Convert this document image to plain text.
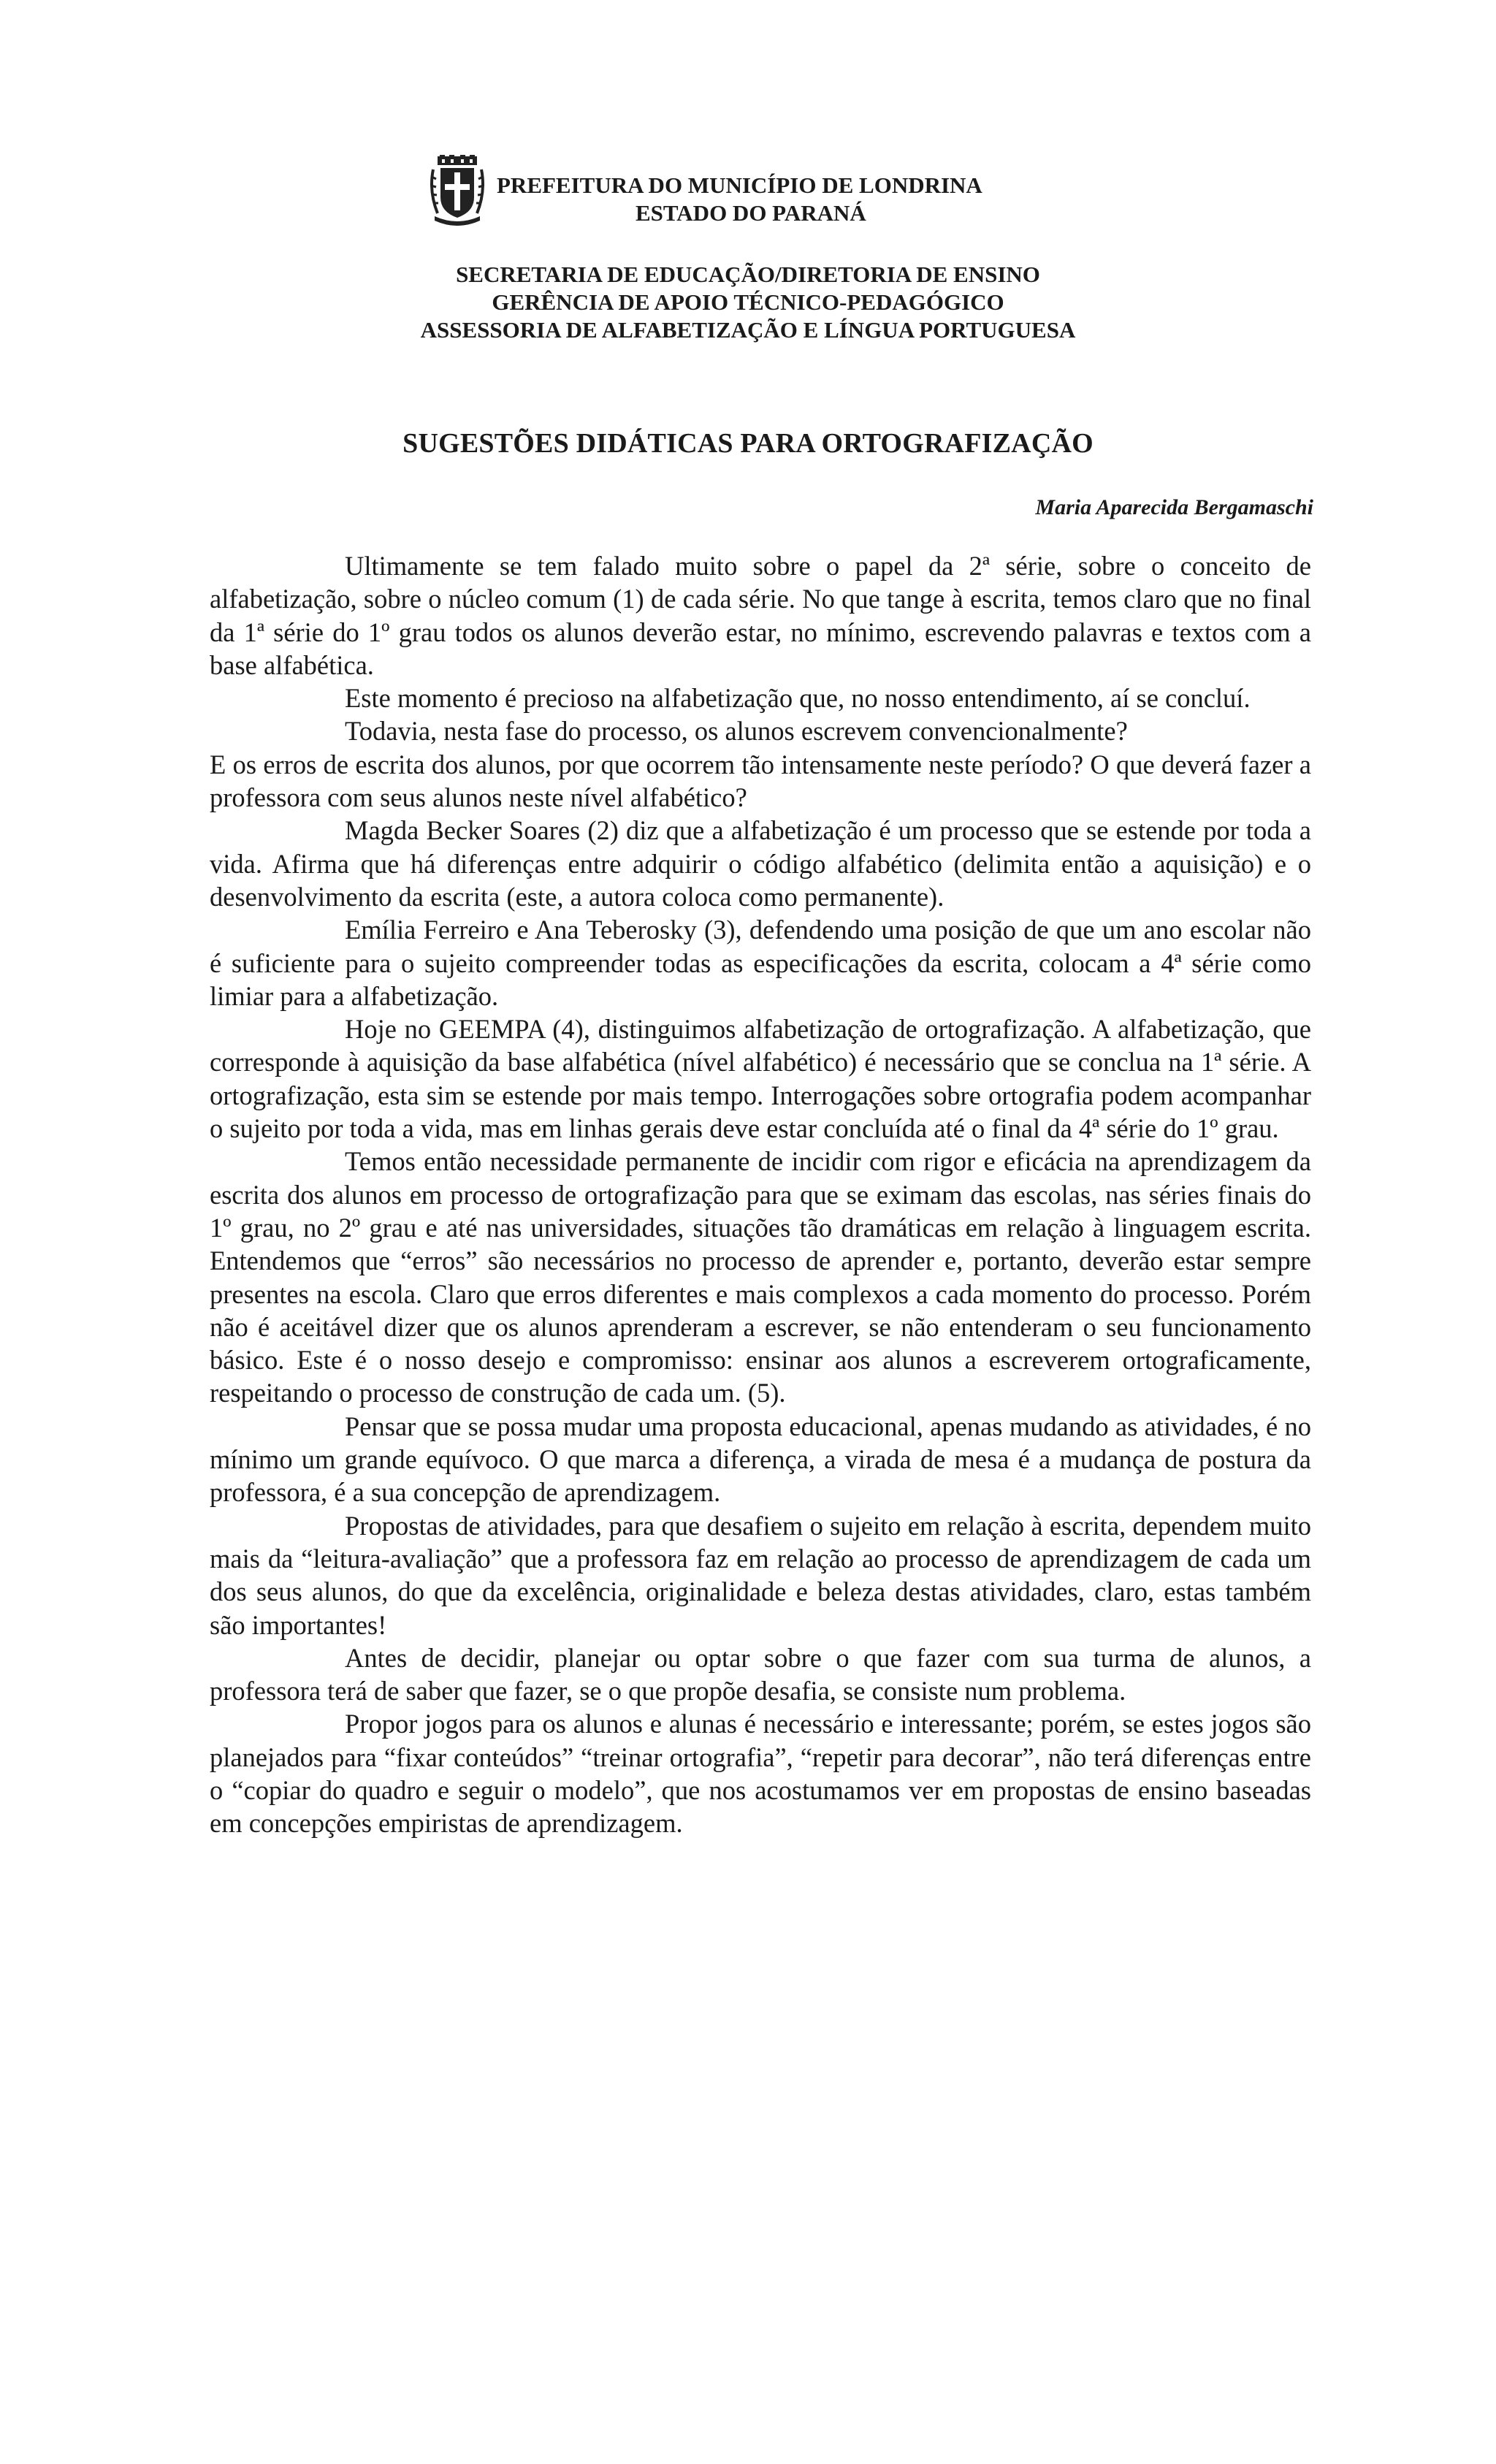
PREFEITURA DO MUNICÍPIO DE LONDRINA
ESTADO DO PARANÁ
SECRETARIA DE EDUCAÇÃO/DIRETORIA DE ENSINO
GERÊNCIA DE APOIO TÉCNICO-PEDAGÓGICO
ASSESSORIA DE ALFABETIZAÇÃO E LÍNGUA PORTUGUESA
SUGESTÕES DIDÁTICAS PARA ORTOGRAFIZAÇÃO
Maria Aparecida Bergamaschi

Ultimamente se tem falado muito sobre o papel da 2ª série, sobre o conceito de alfabetização, sobre o núcleo comum (1) de cada série. No que tange à escrita, temos claro que no final da 1ª série do 1º grau todos os alunos deverão estar, no mínimo, escrevendo palavras e textos com a base alfabética.

Este momento é precioso na alfabetização que, no nosso entendimento, aí se concluí.

Todavia, nesta fase do processo, os alunos escrevem convencionalmente?

E os erros de escrita dos alunos, por que ocorrem tão intensamente neste período? O que deverá fazer a professora com seus alunos neste nível alfabético?

Magda Becker Soares (2) diz que a alfabetização é um processo que se estende por toda a vida. Afirma que há diferenças entre adquirir o código alfabético (delimita então a aquisição) e o desenvolvimento da escrita (este, a autora coloca como permanente).

Emília Ferreiro e Ana Teberosky (3), defendendo uma posição de que um ano escolar não é suficiente para o sujeito compreender todas as especificações da escrita, colocam a 4ª série como limiar para a alfabetização.

Hoje no GEEMPA (4), distinguimos alfabetização de ortografização. A alfabetização, que corresponde à aquisição da base alfabética (nível alfabético) é necessário que se conclua na 1ª série. A ortografização, esta sim se estende por mais tempo. Interrogações sobre ortografia podem acompanhar o sujeito por toda a vida, mas em linhas gerais deve estar concluída até o final da 4ª série do 1º grau.

Temos então necessidade permanente de incidir com rigor e eficácia na aprendizagem da escrita dos alunos em processo de ortografização para que se eximam das escolas, nas séries finais do 1º grau, no 2º grau e até nas universidades, situações tão dramáticas em relação à linguagem escrita. Entendemos que “erros” são necessários no processo de aprender e, portanto, deverão estar sempre presentes na escola. Claro que erros diferentes e mais complexos a cada momento do processo. Porém não é aceitável dizer que os alunos aprenderam a escrever, se não entenderam o seu funcionamento básico. Este é o nosso desejo e compromisso: ensinar aos alunos a escreverem ortograficamente, respeitando o processo de construção de cada um. (5).

Pensar que se possa mudar uma proposta educacional, apenas mudando as atividades, é no mínimo um grande equívoco. O que marca a diferença, a virada de mesa é a mudança de postura da professora, é a sua concepção de aprendizagem.

Propostas de atividades, para que desafiem o sujeito em relação à escrita, dependem muito mais da “leitura-avaliação” que a professora faz em relação ao processo de aprendizagem de cada um dos seus alunos, do que da excelência, originalidade e beleza destas atividades, claro, estas também são importantes!

Antes de decidir, planejar ou optar sobre o que fazer com sua turma de alunos, a professora terá de saber que fazer, se o que propõe desafia, se consiste num problema.

Propor jogos para os alunos e alunas é necessário e interessante; porém, se estes jogos são planejados para “fixar conteúdos” “treinar ortografia”, “repetir para decorar”, não terá diferenças entre o “copiar do quadro e seguir o modelo”, que nos acostumamos ver em propostas de ensino baseadas em concepções empiristas de aprendizagem.
